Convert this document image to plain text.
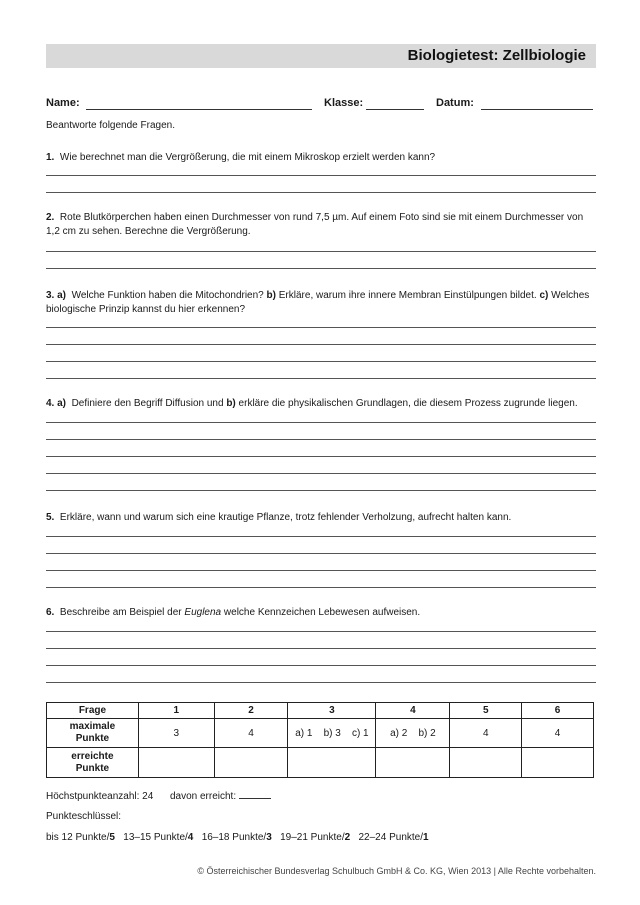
Biologietest: Zellbiologie
Name:	Klasse:	Datum:
Beantworte folgende Fragen.
1. Wie berechnet man die Vergrößerung, die mit einem Mikroskop erzielt werden kann?
2. Rote Blutkörperchen haben einen Durchmesser von rund 7,5 µm. Auf einem Foto sind sie mit einem Durchmesser von
1,2 cm zu sehen. Berechne die Vergrößerung.
3. a) Welche Funktion haben die Mitochondrien? b) Erkläre, warum ihre innere Membran Einstülpungen bildet. c) Welches
biologische Prinzip kannst du hier erkennen?
4. a) Definiere den Begriff Diffusion und b) erkläre die physikalischen Grundlagen, die diesem Prozess zugrunde liegen.
5. Erkläre, wann und warum sich eine krautige Pflanze, trotz fehlender Verholzung, aufrecht halten kann.
6. Beschreibe am Beispiel der Euglena welche Kennzeichen Lebewesen aufweisen.
Frage	1	2	3	4	5	6
maximale
Punkte	3	4	a) 1    b) 3    c) 1	a) 2    b) 2	4	4
erreichte
Punkte						
Höchstpunkteanzahl: 24 davon erreicht:
Punkteschlüssel:
bis 12 Punkte/5 13–15 Punkte/4 16–18 Punkte/3 19–21 Punkte/2 22–24 Punkte/1
© Österreichischer Bundesverlag Schulbuch GmbH & Co. KG, Wien 2013 | Alle Rechte vorbehalten.
